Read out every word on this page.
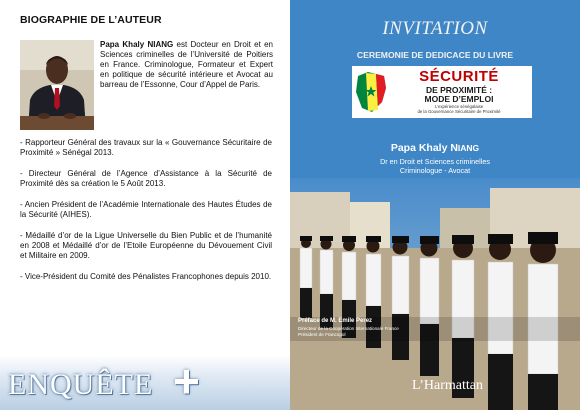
BIOGRAPHIE DE L’AUTEUR
Papa Khaly NIANG est Docteur en Droit et en Sciences criminelles de l’Université de Poitiers en France. Criminologue, Formateur et Expert en politique de sécurité intérieure et Avocat au barreau de l’Essonne, Cour d’Appel de Paris.

- Rapporteur Général des travaux sur la « Gouvernance Sécuritaire de Proximité » Sénégal 2013.

- Directeur Général de l’Agence d’Assistance à la Sécurité de Proximité dès sa création le 5 Août 2013.

- Ancien Président de l’Académie Internationale des Hautes Études de la Sécurité (AIHES).

- Médaillé d’or de la Ligue Universelle du Bien Public et de l’humanité en 2008 et Médaillé d’or de l’Etoile Européenne du Dévouement Civil et Militaire en 2009.

- Vice-Président du Comité des Pénalistes Francophones depuis 2010.

ENQUÊTE +
INVITATION
CEREMONIE DE DEDICACE DU LIVRE
SÉCURITÉ
DE PROXIMITÉ :
MODE D’EMPLOI
L’expérience sénégalaise
de la Gouvernance Sécuritaire de Proximité
Papa Khaly NIANG
Dr en Droit et Sciences criminelles
Criminologue - Avocat
Préface de M. Emile Perez
Directeur de la Coopération Internationale France
Président de Francopol
L’Harmattan
